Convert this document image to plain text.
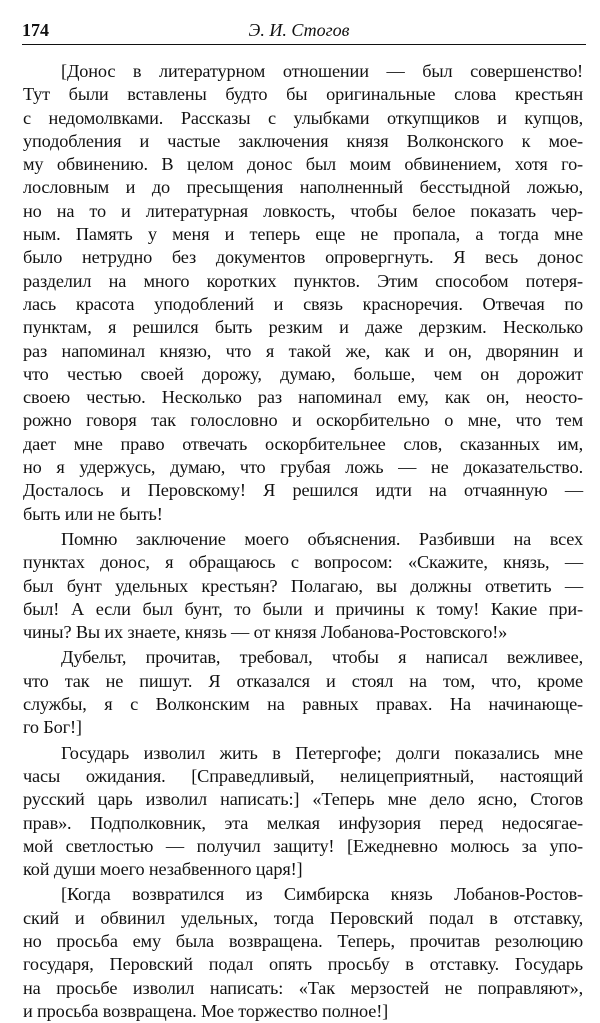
174	Э. И. Стогов
[Донос в литературном отношении — был совершенство!
Тут были вставлены будто бы оригинальные слова крестьян
с недомолвками. Рассказы с улыбками откупщиков и купцов,
уподобления и частые заключения князя Волконского к мое-
му обвинению. В целом донос был моим обвинением, хотя го-
лословным и до пресыщения наполненный бесстыдной ложью,
но на то и литературная ловкость, чтобы белое показать чер-
ным. Память у меня и теперь еще не пропала, а тогда мне
было нетрудно без документов опровергнуть. Я весь донос
разделил на много коротких пунктов. Этим способом потеря-
лась красота уподоблений и связь красноречия. Отвечая по
пунктам, я решился быть резким и даже дерзким. Несколько
раз напоминал князю, что я такой же, как и он, дворянин и
что честью своей дорожу, думаю, больше, чем он дорожит
своею честью. Несколько раз напоминал ему, как он, неосто-
рожно говоря так голословно и оскорбительно о мне, что тем
дает мне право отвечать оскорбительнее слов, сказанных им,
но я удержусь, думаю, что грубая ложь — не доказательство.
Досталось и Перовскому! Я решился идти на отчаянную —
быть или не быть!
Помню заключение моего объяснения. Разбивши на всех
пунктах донос, я обращаюсь с вопросом: «Скажите, князь, —
был бунт удельных крестьян? Полагаю, вы должны ответить —
был! А если был бунт, то были и причины к тому! Какие при-
чины? Вы их знаете, князь — от князя Лобанова-Ростовского!»
Дубельт, прочитав, требовал, чтобы я написал вежливее,
что так не пишут. Я отказался и стоял на том, что, кроме
службы, я с Волконским на равных правах. На начинающе-
го Бог!]
Государь изволил жить в Петергофе; долги показались мне
часы ожидания. [Справедливый, нелицеприятный, настоящий
русский царь изволил написать:] «Теперь мне дело ясно, Стогов
прав». Подполковник, эта мелкая инфузория перед недосягае-
мой светлостью — получил защиту! [Ежедневно молюсь за упо-
кой души моего незабвенного царя!]
[Когда возвратился из Симбирска князь Лобанов-Ростов-
ский и обвинил удельных, тогда Перовский подал в отставку,
но просьба ему была возвращена. Теперь, прочитав резолюцию
государя, Перовский подал опять просьбу в отставку. Государь
на просьбе изволил написать: «Так мерзостей не поправляют»,
и просьба возвращена. Мое торжество полное!]
